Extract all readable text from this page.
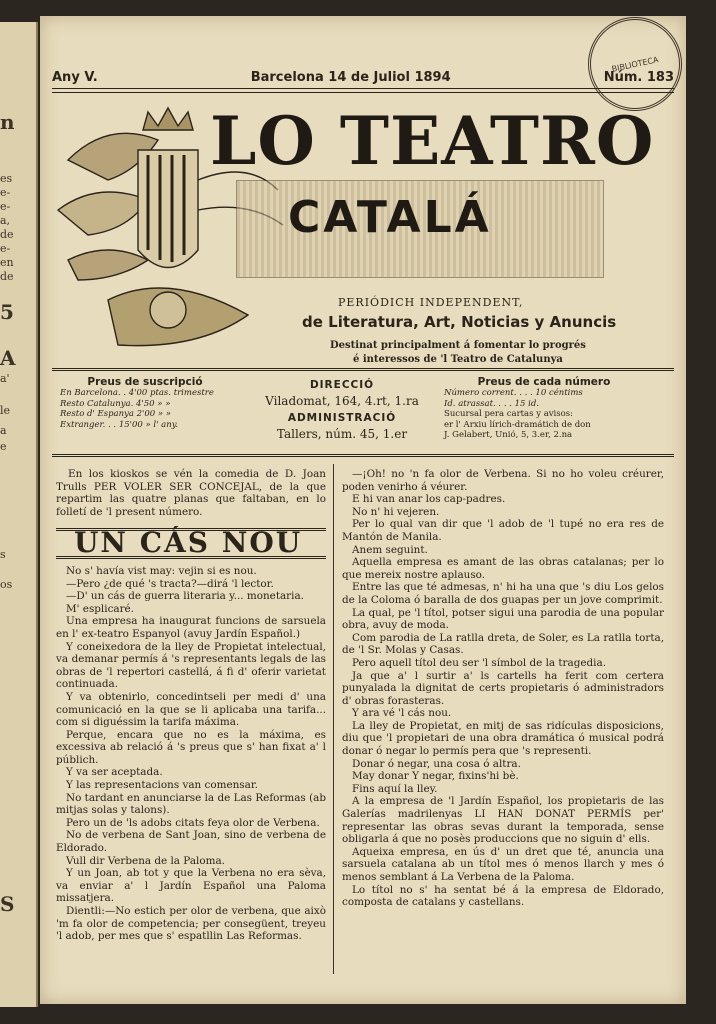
n
es
e-
e-
a,
de
e-
en
de
5
A
a'
le
a
e
s
os
S
BIBLIOTECA
Any V.	Barcelona 14 de Juliol 1894	Núm. 183
LO TEATRO
CATALÁ
PERIÓDICH INDEPENDENT,
de Literatura, Art, Noticias y Anuncis
Destinat principalment á fomentar lo progrés
é interessos de 'l Teatro de Catalunya
Preus de suscripció
En Barcelona. . 4'00 ptas. trimestre
Resto Catalunya. 4'50 » »
Resto d' Espanya 2'00 » »
Extranger. . . 15'00 » l' any.
DIRECCIÓ
Viladomat, 164, 4.rt, 1.ra
ADMINISTRACIÓ
Tallers, núm. 45, 1.er
Preus de cada número
Número corrent. . . . 10 céntims
Id. atrassat. . . . 15 id.
Sucursal pera cartas y avisos:
er l' Arxiu lírich-dramátich de don
J. Gelabert, Unió, 5, 3.er, 2.na

En los kioskos se vén la comedia de D. Joan Trulls PER VOLER SER CONCEJAL, de la que repartim las quatre planas que faltaban, en lo folletí de 'l present número.

UN CÁS NOU

No s' havía vist may: vejin si es nou.

—Pero ¿de qué 's tracta?—dirá 'l lector.

—D' un cás de guerra literaria y... monetaria.

M' esplicaré.

Una empresa ha inaugurat funcions de sarsuela en l' ex-teatro Espanyol (avuy Jardín Español.)

Y coneixedora de la lley de Propietat intelectual, va demanar permís á 's representants legals de las obras de 'l repertori castellá, á fi d' oferir varietat continuada.

Y va obtenirlo, concedintseli per medi d' una comunicació en la que se li aplicaba una tarifa... com si diguéssim la tarifa máxima.

Perque, encara que no es la máxima, es excessiva ab relació á 's preus que s' han fixat a' l públich.

Y va ser aceptada.

Y las representacions van comensar.

No tardant en anunciarse la de Las Reformas (ab mitjas solas y talons).

Pero un de 'ls adobs citats feya olor de Verbena.

No de verbena de Sant Joan, sino de verbena de Eldorado.

Vull dir Verbena de la Paloma.

Y un Joan, ab tot y que la Verbena no era sèva, va enviar a' l Jardín Español una Paloma missatjera.

Dientli:—No estich per olor de verbena, que això 'm fa olor de competencia; per consegüent, treyeu 'l adob, per mes que s' espatllin Las Reformas.

—¡Oh! no 'n fa olor de Verbena. Si no ho voleu créurer, poden venirho á véurer.

E hi van anar los cap-padres.

No n' hi vejeren.

Per lo qual van dir que 'l adob de 'l tupé no era res de Mantón de Manila.

Anem seguint.

Aquella empresa es amant de las obras catalanas; per lo que mereix nostre aplauso.

Entre las que té admesas, n' hi ha una que 's diu Los gelos de la Coloma ó baralla de dos guapas per un jove comprimit.

La qual, pe 'l títol, potser sigui una parodia de una popular obra, avuy de moda.

Com parodia de La ratlla dreta, de Soler, es La ratlla torta, de 'l Sr. Molas y Casas.

Pero aquell títol deu ser 'l símbol de la tragedia.

Ja que a' l surtir a' ls cartells ha ferit com certera punyalada la dignitat de certs propietaris ó administradors d' obras forasteras.

Y ara vé 'l cás nou.

La lley de Propietat, en mitj de sas ridículas disposicions, diu que 'l propietari de una obra dramática ó musical podrá donar ó negar lo permís pera que 's representi.

Donar ó negar, una cosa ó altra.

May donar Y negar, fixins'hi bè.

Fins aquí la lley.

A la empresa de 'l Jardín Español, los propietaris de las Galerías madrilenyas LI HAN DONAT PERMÍS per' representar las obras sevas durant la temporada, sense obligarla á que no posès produccions que no siguin d' ells.

Aqueixa empresa, en ús d' un dret que té, anuncia una sarsuela catalana ab un títol mes ó menos llarch y mes ó menos semblant á La Verbena de la Paloma.

Lo títol no s' ha sentat bé á la empresa de Eldorado, composta de catalans y castellans.
